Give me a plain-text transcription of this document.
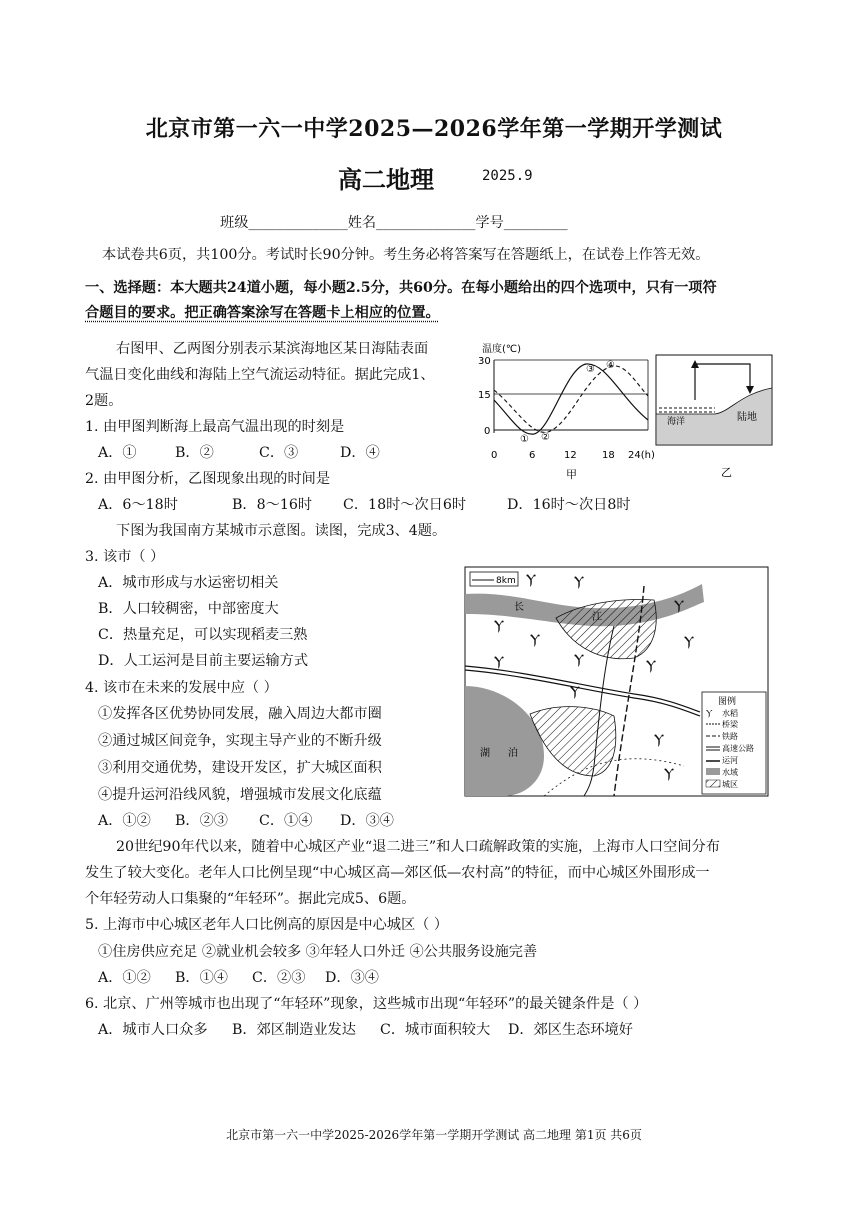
北京市第一六一中学2025—2026学年第一学期开学测试
高二地理	2025.9
班级______________姓名______________学号_________
本试卷共6页，共100分。考试时长90分钟。考生务必将答案写在答题纸上，在试卷上作答无效。
一、选择题：本大题共24道小题，每小题2.5分，共60分。在每小题给出的四个选项中，只有一项符
合题目的要求。把正确答案涂写在答题卡上相应的位置。
右图甲、乙两图分别表示某滨海地区某日海陆表面
气温日变化曲线和海陆上空气流运动特征。据此完成1、
2题。
1. 由甲图判断海上最高气温出现的时刻是
A．①	B．②	C．③	D．④
2. 由甲图分析，乙图现象出现的时间是
A．6～18时	B．8～16时 C．18时～次日6时	D．16时～次日8时
下图为我国南方某城市示意图。读图，完成3、4题。
3. 该市（ ）
A．城市形成与水运密切相关
B．人口较稠密，中部密度大
C．热量充足，可以实现稻麦三熟
D．人工运河是目前主要运输方式
4. 该市在未来的发展中应（ ）
①发挥各区优势协同发展，融入周边大都市圈
②通过城区间竞争，实现主导产业的不断升级
③利用交通优势，建设开发区，扩大城区面积
④提升运河沿线风貌，增强城市发展文化底蕴
A．①② B．②③ C．①④ D．③④
20世纪90年代以来，随着中心城区产业“退二进三”和人口疏解政策的实施，上海市人口空间分布
发生了较大变化。老年人口比例呈现“中心城区高—郊区低—农村高”的特征，而中心城区外围形成一
个年轻劳动人口集聚的“年轻环”。据此完成5、6题。
5. 上海市中心城区老年人口比例高的原因是中心城区（ ）
①住房供应充足 ②就业机会较多 ③年轻人口外迁 ④公共服务设施完善
A．①② B．①④ C．②③ D．③④
6. 北京、广州等城市也出现了“年轻环”现象，这些城市出现“年轻环”的最关键条件是（ ）
A．城市人口众多 B．郊区制造业发达 C．城市面积较大 D．郊区生态环境好
温度(℃)
30
15
0
① ②
③ ④
0	6	12	18 24(h)
甲
海洋	陆地
乙
8km
长
湖 泊
Ⲩ	Ⲩ
Ⲩ
Ⲩ
Ⲩ	Ⲩ
Ⲩ	Ⲩ	Ⲩ
Ⲩ
Ⲩ
Ⲩ
图例
Ⲩ 水稻
桥梁
铁路
高速公路
运河
水域
城区
北京市第一六一中学2025-2026学年第一学期开学测试 高二地理 第1页 共6页
